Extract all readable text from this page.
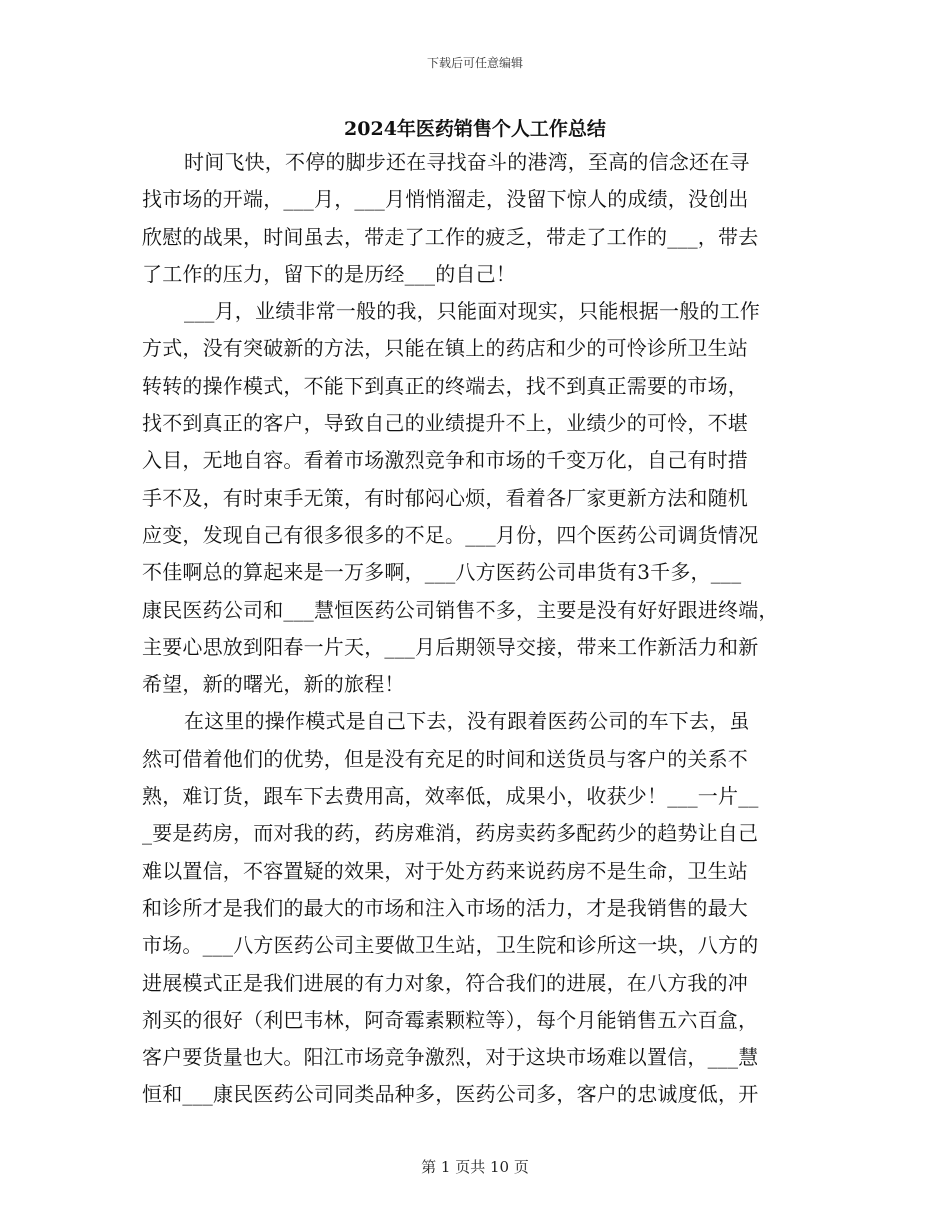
下载后可任意编辑
2024年医药销售个人工作总结
时间飞快，不停的脚步还在寻找奋斗的港湾，至高的信念还在寻
找市场的开端，___月，___月悄悄溜走，没留下惊人的成绩，没创出
欣慰的战果，时间虽去，带走了工作的疲乏，带走了工作的___，带去
了工作的压力，留下的是历经___的自己！
___月，业绩非常一般的我，只能面对现实，只能根据一般的工作
方式，没有突破新的方法，只能在镇上的药店和少的可怜诊所卫生站
转转的操作模式，不能下到真正的终端去，找不到真正需要的市场，
找不到真正的客户，导致自己的业绩提升不上，业绩少的可怜，不堪
入目，无地自容。看着市场激烈竞争和市场的千变万化，自己有时措
手不及，有时束手无策，有时郁闷心烦，看着各厂家更新方法和随机
应变，发现自己有很多很多的不足。___月份，四个医药公司调货情况
不佳啊总的算起来是一万多啊，___八方医药公司串货有3千多，___
康民医药公司和___慧恒医药公司销售不多，主要是没有好好跟进终端，
主要心思放到阳春一片天，___月后期领导交接，带来工作新活力和新
希望，新的曙光，新的旅程！
在这里的操作模式是自己下去，没有跟着医药公司的车下去，虽
然可借着他们的优势，但是没有充足的时间和送货员与客户的关系不
熟，难订货，跟车下去费用高，效率低，成果小，收获少！___一片__
_要是药房，而对我的药，药房难消，药房卖药多配药少的趋势让自己
难以置信，不容置疑的效果，对于处方药来说药房不是生命，卫生站
和诊所才是我们的最大的市场和注入市场的活力，才是我销售的最大
市场。___八方医药公司主要做卫生站，卫生院和诊所这一块，八方的
进展模式正是我们进展的有力对象，符合我们的进展，在八方我的冲
剂买的很好（利巴韦林，阿奇霉素颗粒等），每个月能销售五六百盒，
客户要货量也大。阳江市场竞争激烈，对于这块市场难以置信，___慧
恒和___康民医药公司同类品种多，医药公司多，客户的忠诚度低，开
第 1 页共 10 页
